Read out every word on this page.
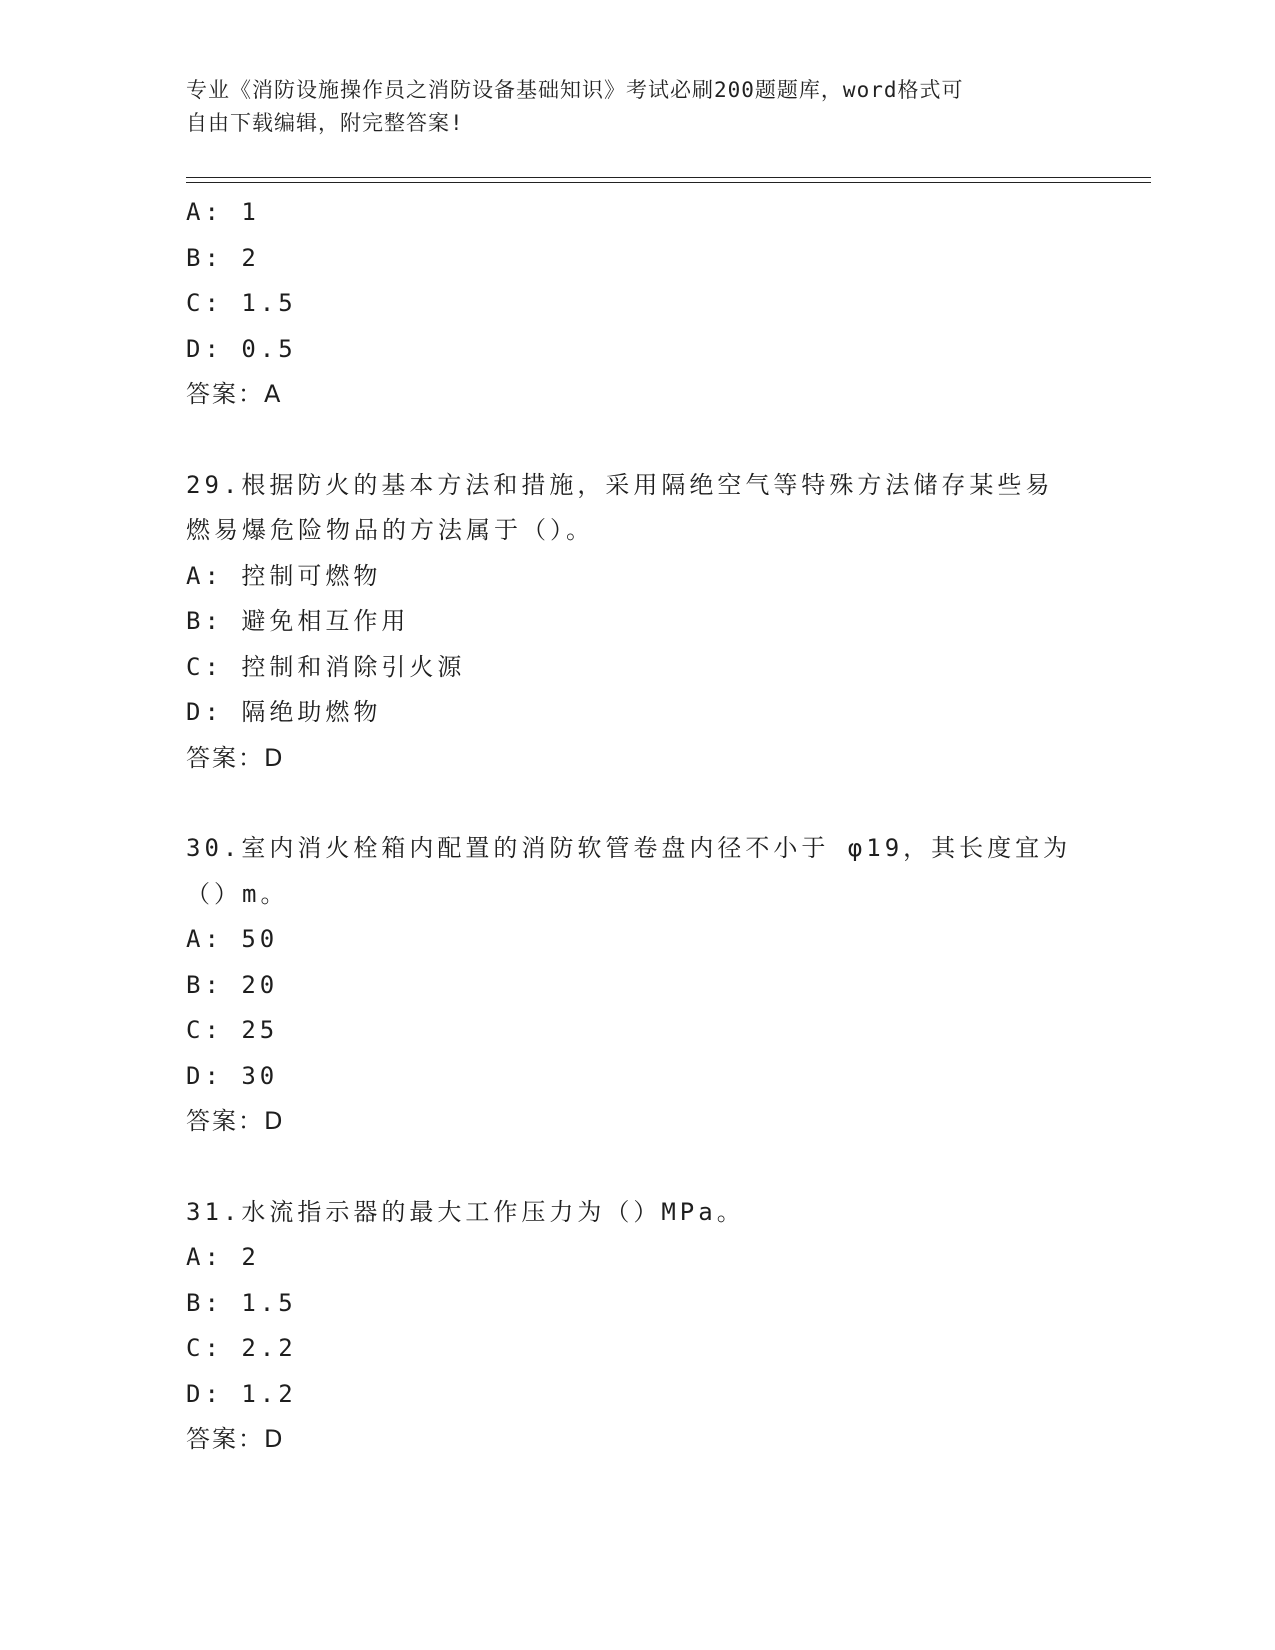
专业《消防设施操作员之消防设备基础知识》考试必刷200题题库，word格式可
自由下载编辑，附完整答案!
A: 1
B: 2
C: 1.5
D: 0.5
答案：A
29.根据防火的基本方法和措施，采用隔绝空气等特殊方法储存某些易
燃易爆危险物品的方法属于（）。
A: 控制可燃物
B: 避免相互作用
C: 控制和消除引火源
D: 隔绝助燃物
答案：D
30.室内消火栓箱内配置的消防软管卷盘内径不小于 φ19，其长度宜为
（）m。
A: 50
B: 20
C: 25
D: 30
答案：D
31.水流指示器的最大工作压力为（）MPa。
A: 2
B: 1.5
C: 2.2
D: 1.2
答案：D
